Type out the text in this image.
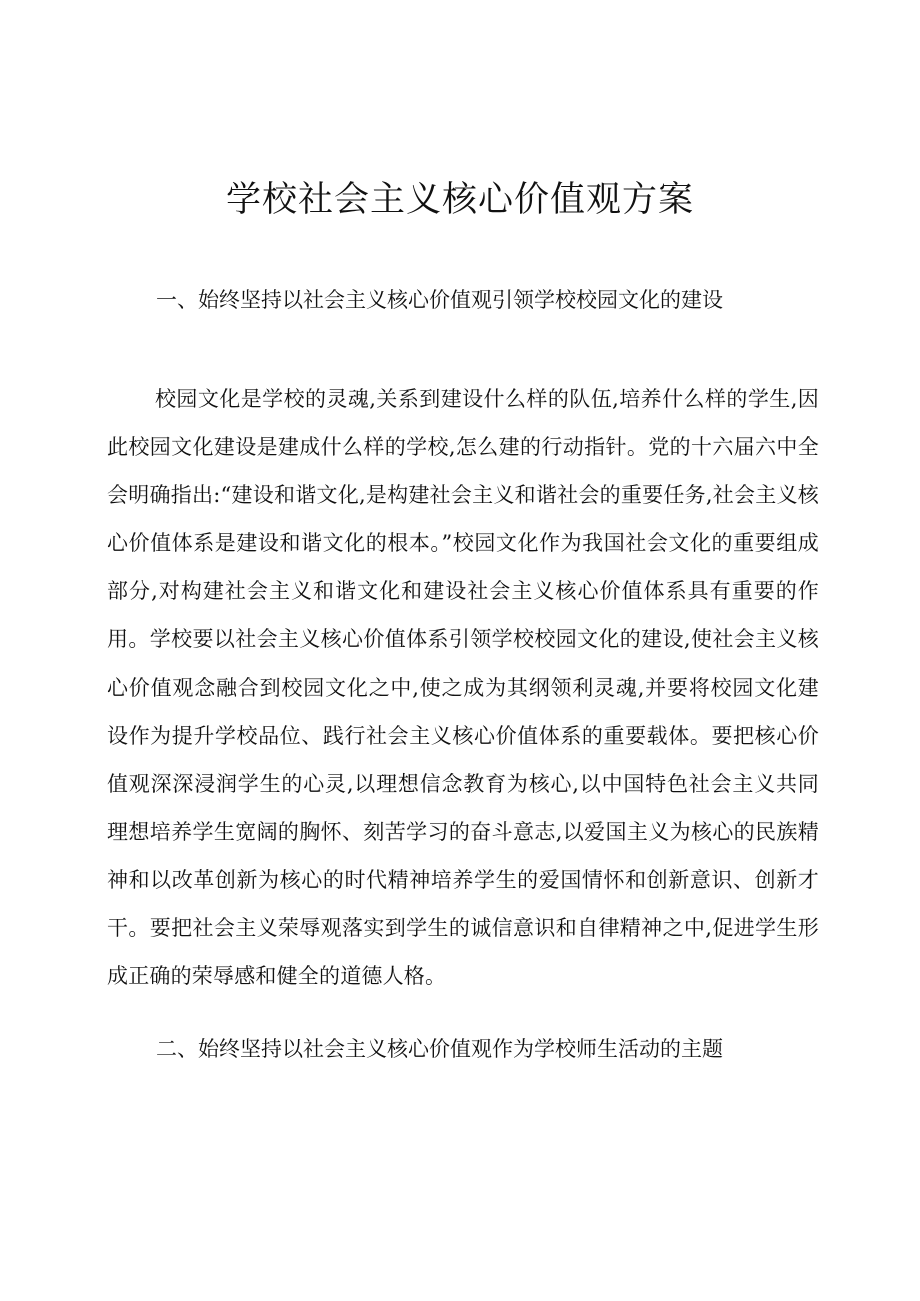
学校社会主义核心价值观方案

一、始终坚持以社会主义核心价值观引领学校校园文化的建设

校园文化是学校的灵魂,关系到建设什么样的队伍,培养什么样的学生,因此校园文化建设是建成什么样的学校,怎么建的行动指针。党的十六届六中全会明确指出:“建设和谐文化,是构建社会主义和谐社会的重要任务,社会主义核心价值体系是建设和谐文化的根本。”校园文化作为我国社会文化的重要组成部分,对构建社会主义和谐文化和建设社会主义核心价值体系具有重要的作用。学校要以社会主义核心价值体系引领学校校园文化的建设,使社会主义核心价值观念融合到校园文化之中,使之成为其纲领利灵魂,并要将校园文化建设作为提升学校品位、践行社会主义核心价值体系的重要载体。要把核心价值观深深浸润学生的心灵,以理想信念教育为核心,以中国特色社会主义共同理想培养学生宽阔的胸怀、刻苦学习的奋斗意志,以爱国主义为核心的民族精神和以改革创新为核心的时代精神培养学生的爱国情怀和创新意识、创新才干。要把社会主义荣辱观落实到学生的诚信意识和自律精神之中,促进学生形成正确的荣辱感和健全的道德人格。

二、始终坚持以社会主义核心价值观作为学校师生活动的主题
